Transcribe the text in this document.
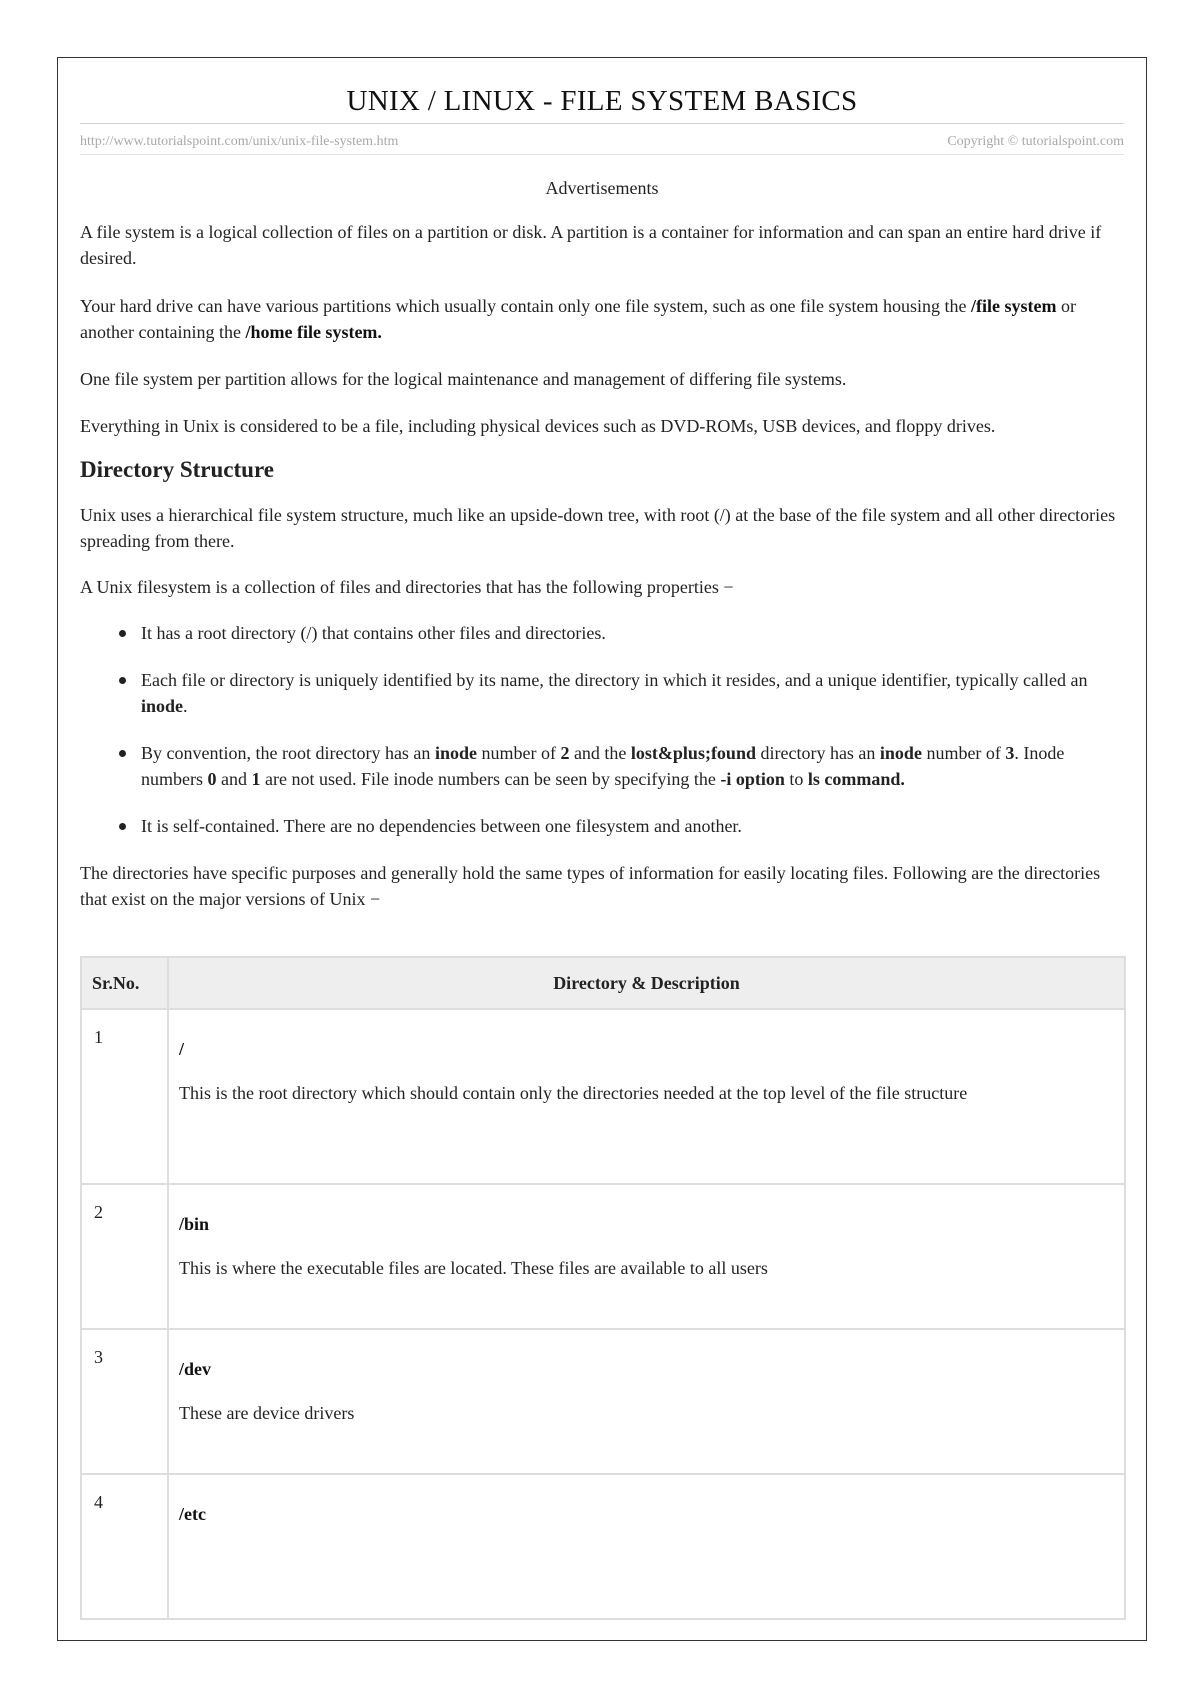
UNIX / LINUX - FILE SYSTEM BASICS
http://www.tutorialspoint.com/unix/unix-file-system.htm	Copyright © tutorialspoint.com
Advertisements

A file system is a logical collection of files on a partition or disk. A partition is a container for information and can span an entire hard drive if desired.

Your hard drive can have various partitions which usually contain only one file system, such as one file system housing the /file system or another containing the /home file system.

One file system per partition allows for the logical maintenance and management of differing file systems.

Everything in Unix is considered to be a file, including physical devices such as DVD-ROMs, USB devices, and floppy drives.

Directory Structure

Unix uses a hierarchical file system structure, much like an upside-down tree, with root (/) at the base of the file system and all other directories spreading from there.

A Unix filesystem is a collection of files and directories that has the following properties −

It has a root directory (/) that contains other files and directories.
Each file or directory is uniquely identified by its name, the directory in which it resides, and a unique identifier, typically called an inode.
By convention, the root directory has an inode number of 2 and the lost&plus;found directory has an inode number of 3. Inode numbers 0 and 1 are not used. File inode numbers can be seen by specifying the -i option to ls command.
It is self-contained. There are no dependencies between one filesystem and another.

The directories have specific purposes and generally hold the same types of information for easily locating files. Following are the directories that exist on the major versions of Unix −

Sr.No.	Directory & Description
1	/
This is the root directory which should contain only the directories needed at the top level of the file structure

2	/bin
This is where the executable files are located. These files are available to all users

3	/dev
These are device drivers

4	/etc
